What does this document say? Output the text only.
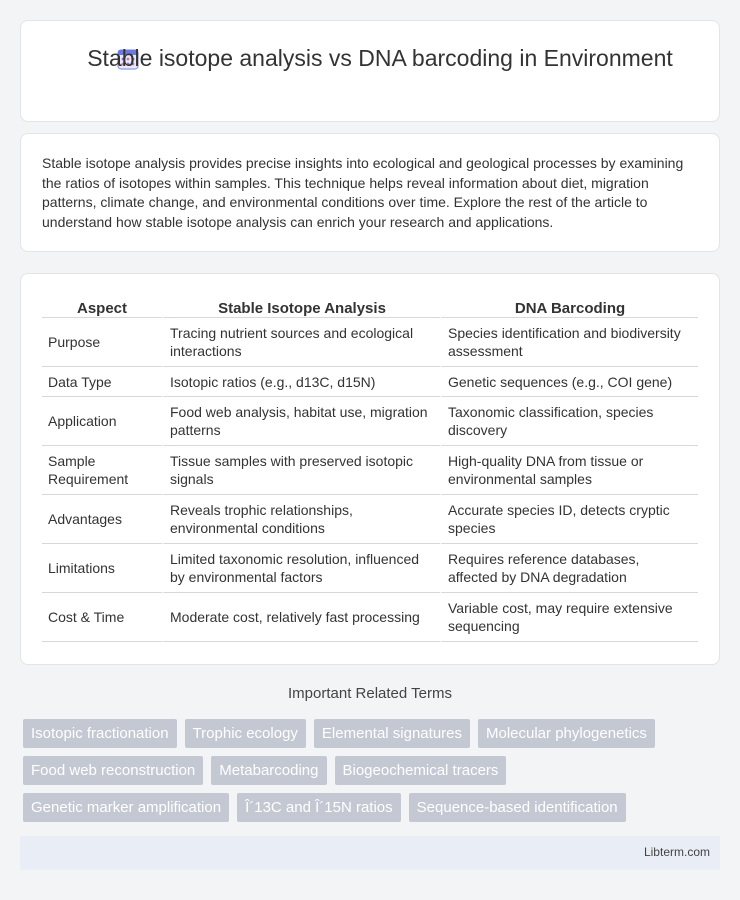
Stable isotope analysis vs DNA barcoding in Environment

Stable isotope analysis provides precise insights into ecological and geological processes by examining the ratios of isotopes within samples. This technique helps reveal information about diet, migration patterns, climate change, and environmental conditions over time. Explore the rest of the article to understand how stable isotope analysis can enrich your research and applications.

Aspect	Stable Isotope Analysis	DNA Barcoding
Purpose	Tracing nutrient sources and ecological interactions	Species identification and biodiversity assessment
Data Type	Isotopic ratios (e.g., d13C, d15N)	Genetic sequences (e.g., COI gene)
Application	Food web analysis, habitat use, migration patterns	Taxonomic classification, species discovery
Sample Requirement	Tissue samples with preserved isotopic signals	High-quality DNA from tissue or environmental samples
Advantages	Reveals trophic relationships, environmental conditions	Accurate species ID, detects cryptic species
Limitations	Limited taxonomic resolution, influenced by environmental factors	Requires reference databases, affected by DNA degradation
Cost & Time	Moderate cost, relatively fast processing	Variable cost, may require extensive sequencing
Important Related Terms
Isotopic fractionation	Trophic ecology	Elemental signatures	Molecular phylogenetics
Food web reconstruction	Metabarcoding	Biogeochemical tracers
Genetic marker amplification	Î´13C and Î´15N ratios	Sequence-based identification
Libterm.com
